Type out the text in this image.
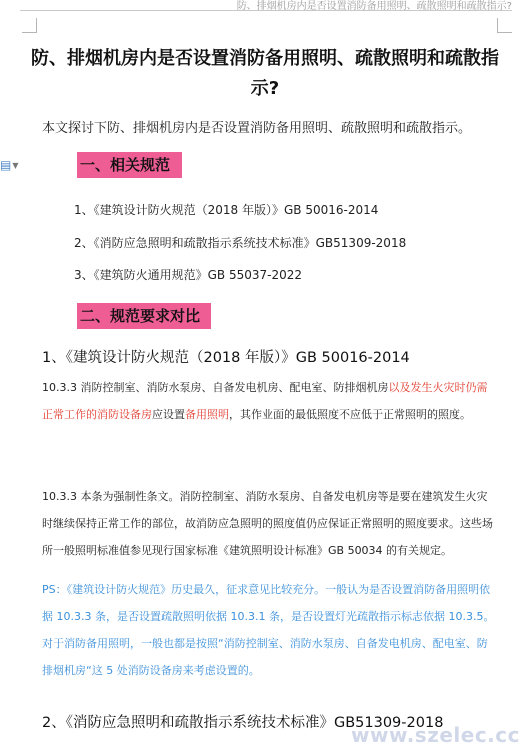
防、排烟机房内是否设置消防备用照明、疏散照明和疏散指示?
▤ ▼
防、排烟机房内是否设置消防备用照明、疏散照明和疏散指示?
本文探讨下防、排烟机房内是否设置消防备用照明、疏散照明和疏散指示。
一、相关规范
1、《建筑设计防火规范（2018 年版）》GB 50016-2014
2、《消防应急照明和疏散指示系统技术标准》GB51309-2018
3、《建筑防火通用规范》GB 55037-2022
二、规范要求对比
1、《建筑设计防火规范（2018 年版）》GB 50016-2014
10.3.3 消防控制室、消防水泵房、自备发电机房、配电室、防排烟机房以及发生火灾时仍需正常工作的消防设备房应设置备用照明，其作业面的最低照度不应低于正常照明的照度。
10.3.3 本条为强制性条文。消防控制室、消防水泵房、自备发电机房等是要在建筑发生火灾时继续保持正常工作的部位，故消防应急照明的照度值仍应保证正常照明的照度要求。这些场所一般照明标准值参见现行国家标准《建筑照明设计标准》GB 50034 的有关规定。
PS：《建筑设计防火规范》历史最久，征求意见比较充分。一般认为是否设置消防备用照明依据 10.3.3 条，是否设置疏散照明依据 10.3.1 条，是否设置灯光疏散指示标志依据 10.3.5。对于消防备用照明，一般也都是按照“消防控制室、消防水泵房、自备发电机房、配电室、防排烟机房“这 5 处消防设备房来考虑设置的。
2、《消防应急照明和疏散指示系统技术标准》GB51309-2018
www.szelec.cc
